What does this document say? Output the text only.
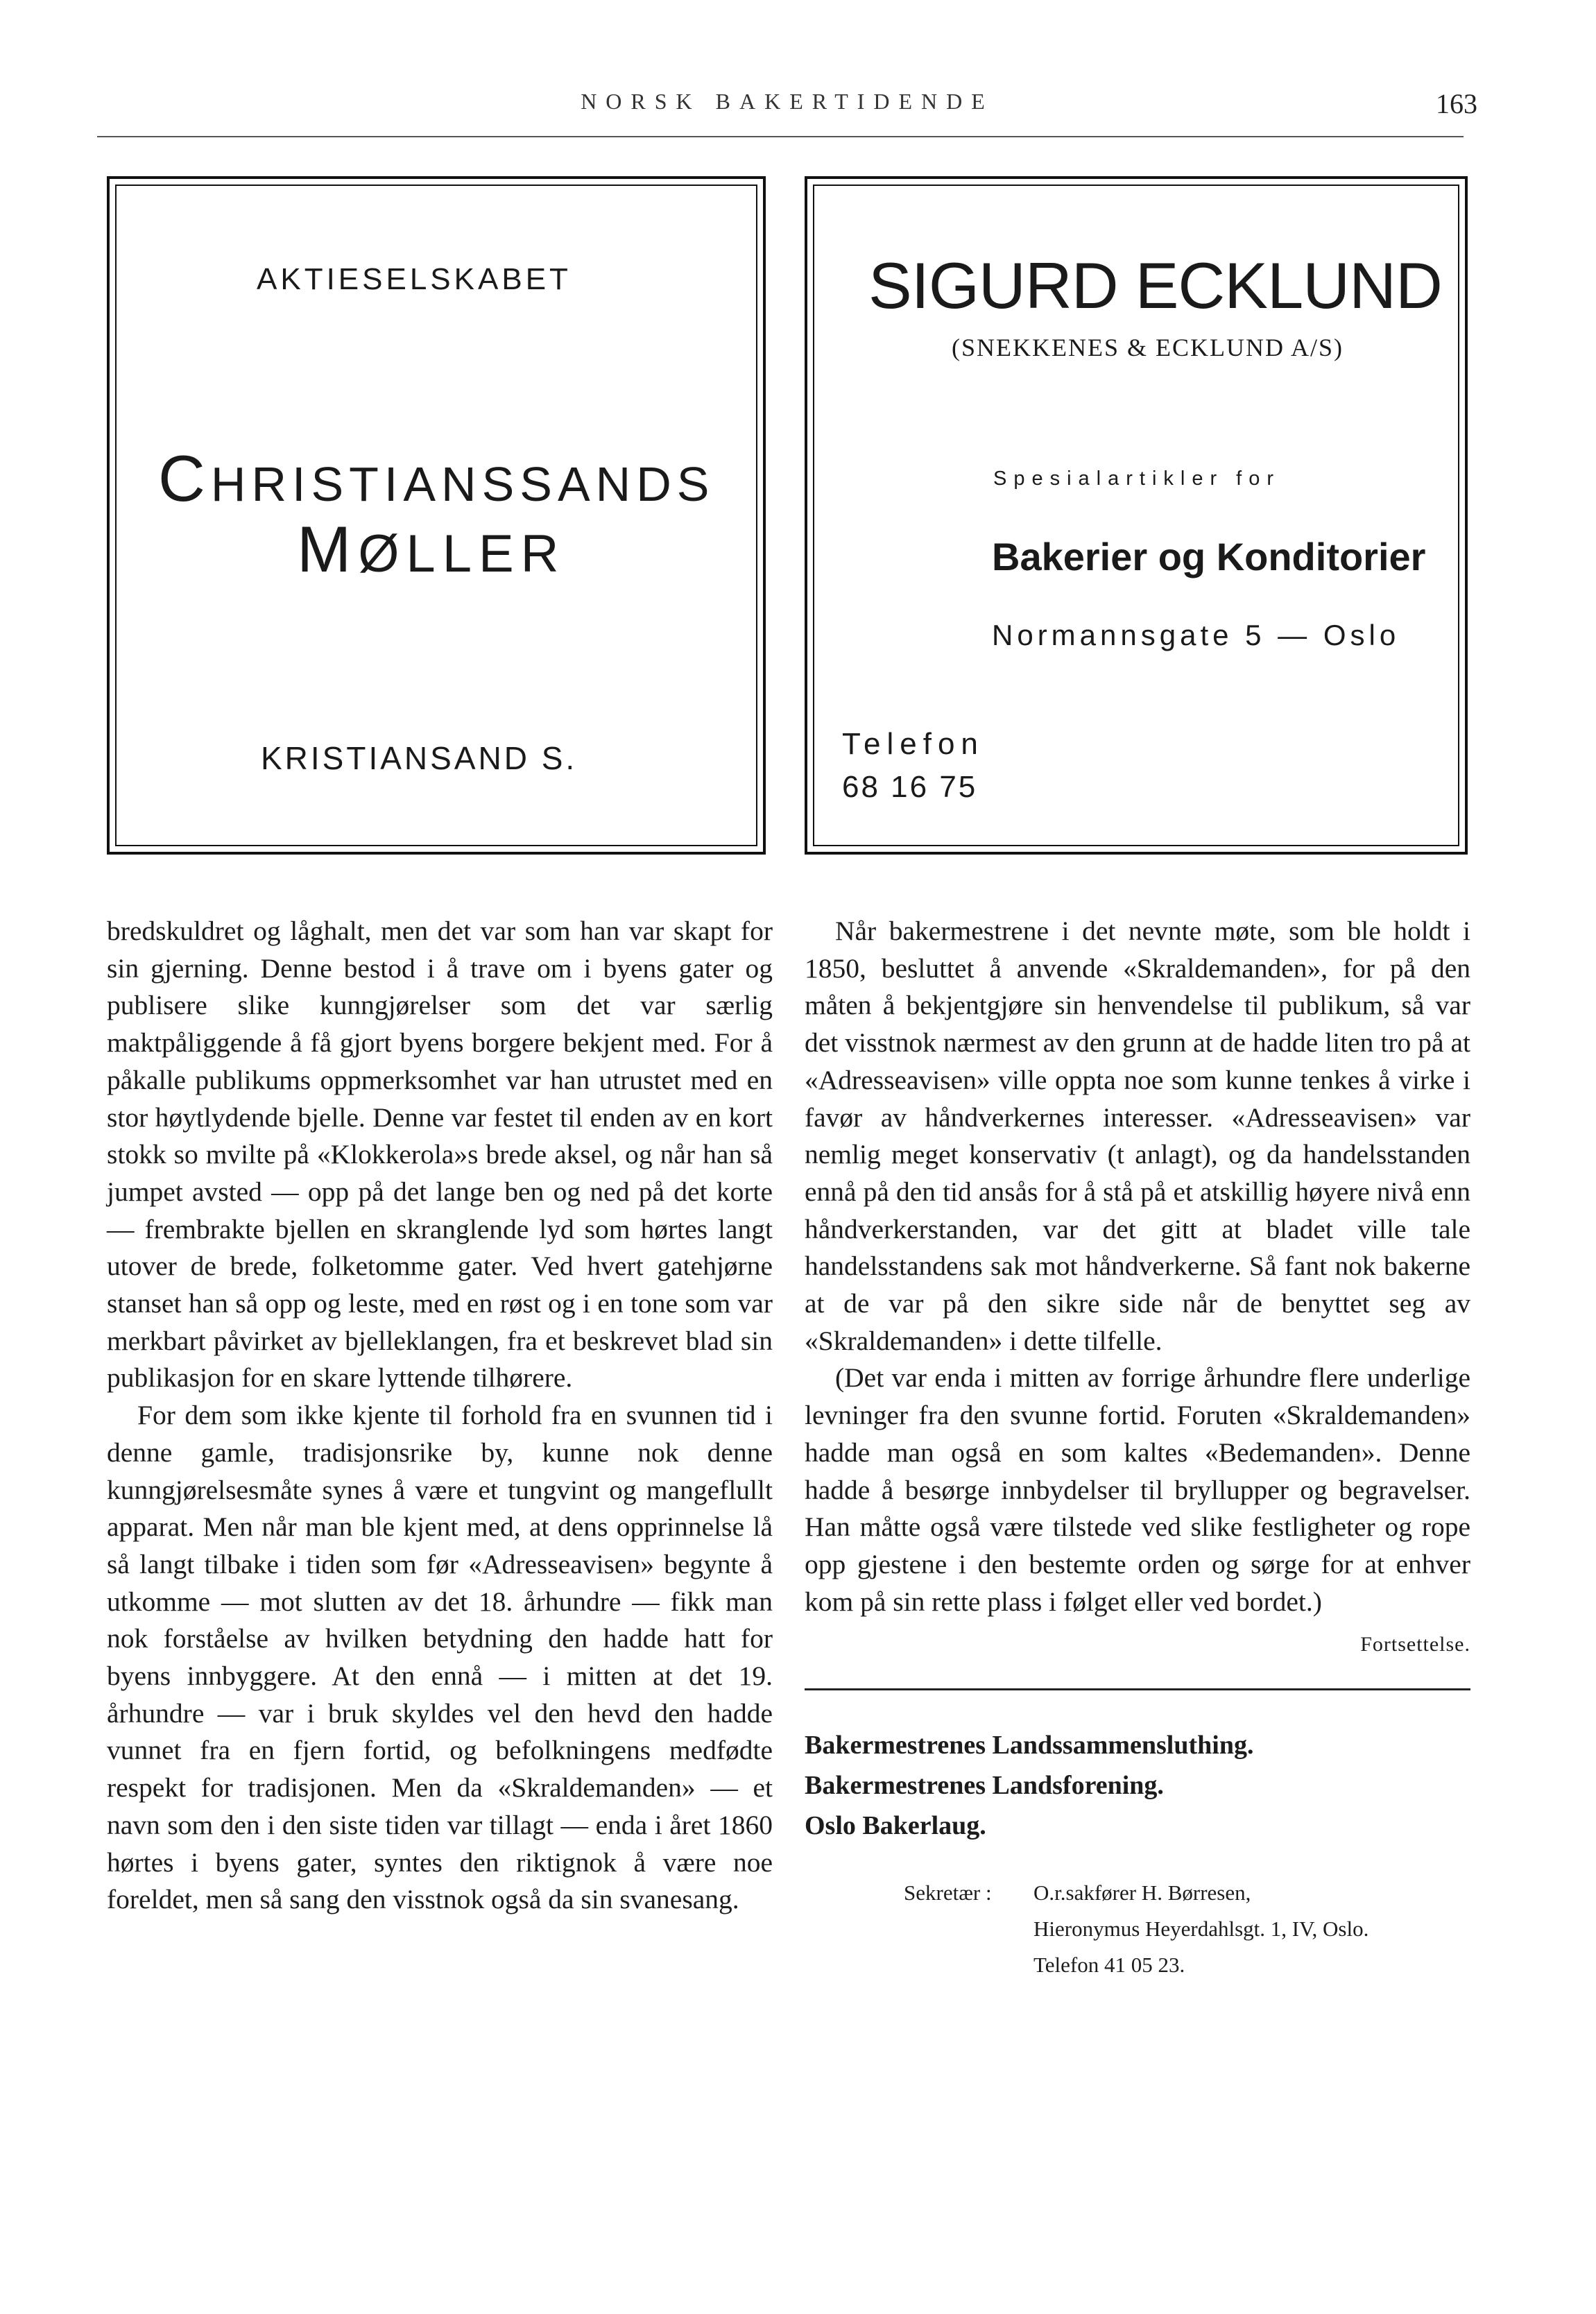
NORSK BAKERTIDENDE	163
AKTIESELSKABET
CHRISTIANSSANDS
MØLLER
KRISTIANSAND S.
SIGURD ECKLUND
(SNEKKENES & ECKLUND A/S)
Spesialartikler for
Bakerier og Konditorier
Normannsgate 5 — Oslo
Telefon
68 16 75

bredskuldret og låghalt, men det var som han var skapt for sin gjerning. Denne bestod i å trave om i byens gater og publisere slike kunngjørelser som det var særlig maktpåliggende å få gjort byens borgere bekjent med. For å påkalle publikums oppmerksomhet var han utrustet med en stor høytlydende bjelle. Denne var festet til enden av en kort stokk so mvilte på «Klokkerola»s brede aksel, og når han så jumpet avsted — opp på det lange ben og ned på det korte — frembrakte bjellen en skranglende lyd som hørtes langt utover de brede, folketomme gater. Ved hvert gatehjørne stanset han så opp og leste, med en røst og i en tone som var merkbart påvirket av bjelleklangen, fra et beskrevet blad sin publikasjon for en skare lyttende tilhørere.

For dem som ikke kjente til forhold fra en svunnen tid i denne gamle, tradisjonsrike by, kunne nok denne kunngjørelsesmåte synes å være et tungvint og mangeflullt apparat. Men når man ble kjent med, at dens opprinnelse lå så langt tilbake i tiden som før «Adresseavisen» begynte å utkomme — mot slutten av det 18. århundre — fikk man nok forståelse av hvilken betydning den hadde hatt for byens innbyggere. At den ennå — i mitten at det 19. århundre — var i bruk skyldes vel den hevd den hadde vunnet fra en fjern fortid, og befolkningens medfødte respekt for tradisjonen. Men da «Skraldemanden» — et navn som den i den siste tiden var tillagt — enda i året 1860 hørtes i byens gater, syntes den riktignok å være noe foreldet, men så sang den visstnok også da sin svanesang.

Når bakermestrene i det nevnte møte, som ble holdt i 1850, besluttet å anvende «Skraldemanden», for på den måten å bekjentgjøre sin henvendelse til publikum, så var det visstnok nærmest av den grunn at de hadde liten tro på at «Adresseavisen» ville oppta noe som kunne tenkes å virke i favør av håndverkernes interesser. «Adresseavisen» var nemlig meget konservativ (t anlagt), og da handelsstanden ennå på den tid ansås for å stå på et atskillig høyere nivå enn håndverkerstanden, var det gitt at bladet ville tale handelsstandens sak mot håndverkerne. Så fant nok bakerne at de var på den sikre side når de benyttet seg av «Skraldemanden» i dette tilfelle.

(Det var enda i mitten av forrige århundre flere underlige levninger fra den svunne fortid. Foruten «Skraldemanden» hadde man også en som kaltes «Bedemanden». Denne hadde å besørge innbydelser til bryllupper og begravelser. Han måtte også være tilstede ved slike festligheter og rope opp gjestene i den bestemte orden og sørge for at enhver kom på sin rette plass i følget eller ved bordet.)

Fortsettelse.
Bakermestrenes Landssammensluthing.
Bakermestrenes Landsforening.
Oslo Bakerlaug.
Sekretær : O.r.sakfører H. Børresen,
Hieronymus Heyerdahlsgt. 1, IV, Oslo.
Telefon 41 05 23.
